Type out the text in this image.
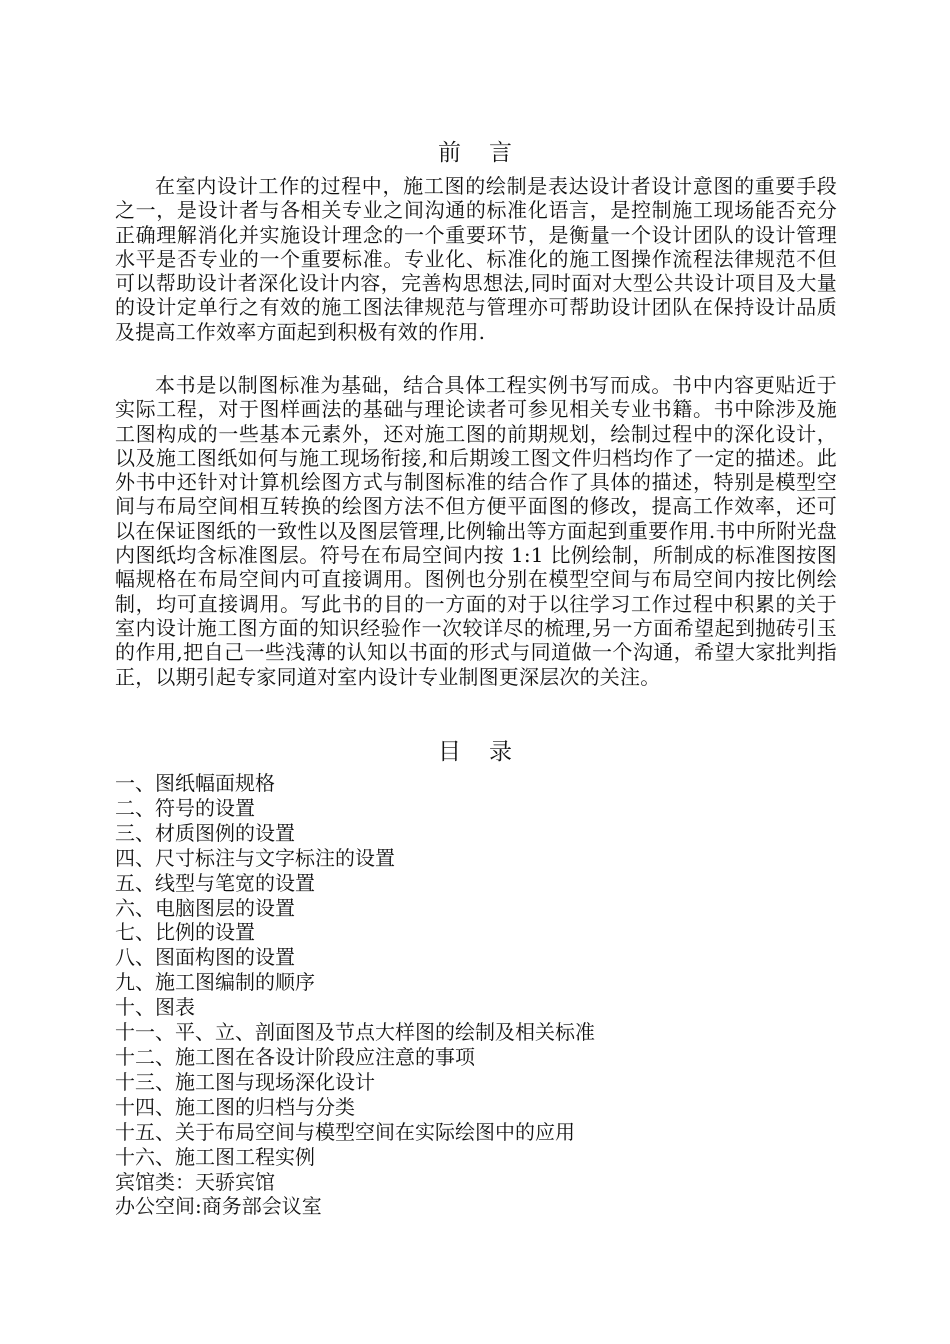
前 言

在室内设计工作的过程中，施工图的绘制是表达设计者设计意图的重要手段之一，是设计者与各相关专业之间沟通的标准化语言，是控制施工现场能否充分正确理解消化并实施设计理念的一个重要环节，是衡量一个设计团队的设计管理水平是否专业的一个重要标准。专业化、标准化的施工图操作流程法律规范不但可以帮助设计者深化设计内容，完善构思想法,同时面对大型公共设计项目及大量的设计定单行之有效的施工图法律规范与管理亦可帮助设计团队在保持设计品质及提高工作效率方面起到积极有效的作用.

本书是以制图标准为基础，结合具体工程实例书写而成。书中内容更贴近于实际工程，对于图样画法的基础与理论读者可参见相关专业书籍。书中除涉及施工图构成的一些基本元素外，还对施工图的前期规划，绘制过程中的深化设计，以及施工图纸如何与施工现场衔接,和后期竣工图文件归档均作了一定的描述。此外书中还针对计算机绘图方式与制图标准的结合作了具体的描述，特别是模型空间与布局空间相互转换的绘图方法不但方便平面图的修改，提高工作效率，还可以在保证图纸的一致性以及图层管理,比例输出等方面起到重要作用.书中所附光盘内图纸均含标准图层。符号在布局空间内按 1:1 比例绘制，所制成的标准图按图幅规格在布局空间内可直接调用。图例也分别在模型空间与布局空间内按比例绘制，均可直接调用。写此书的目的一方面的对于以往学习工作过程中积累的关于室内设计施工图方面的知识经验作一次较详尽的梳理,另一方面希望起到抛砖引玉的作用,把自己一些浅薄的认知以书面的形式与同道做一个沟通，希望大家批判指正，以期引起专家同道对室内设计专业制图更深层次的关注。

目 录
一、图纸幅面规格
二、符号的设置
三、材质图例的设置
四、尺寸标注与文字标注的设置
五、线型与笔宽的设置
六、电脑图层的设置
七、比例的设置
八、图面构图的设置
九、施工图编制的顺序
十、图表
十一、平、立、剖面图及节点大样图的绘制及相关标准
十二、施工图在各设计阶段应注意的事项
十三、施工图与现场深化设计
十四、施工图的归档与分类
十五、关于布局空间与模型空间在实际绘图中的应用
十六、施工图工程实例
宾馆类：天骄宾馆
办公空间:商务部会议室
